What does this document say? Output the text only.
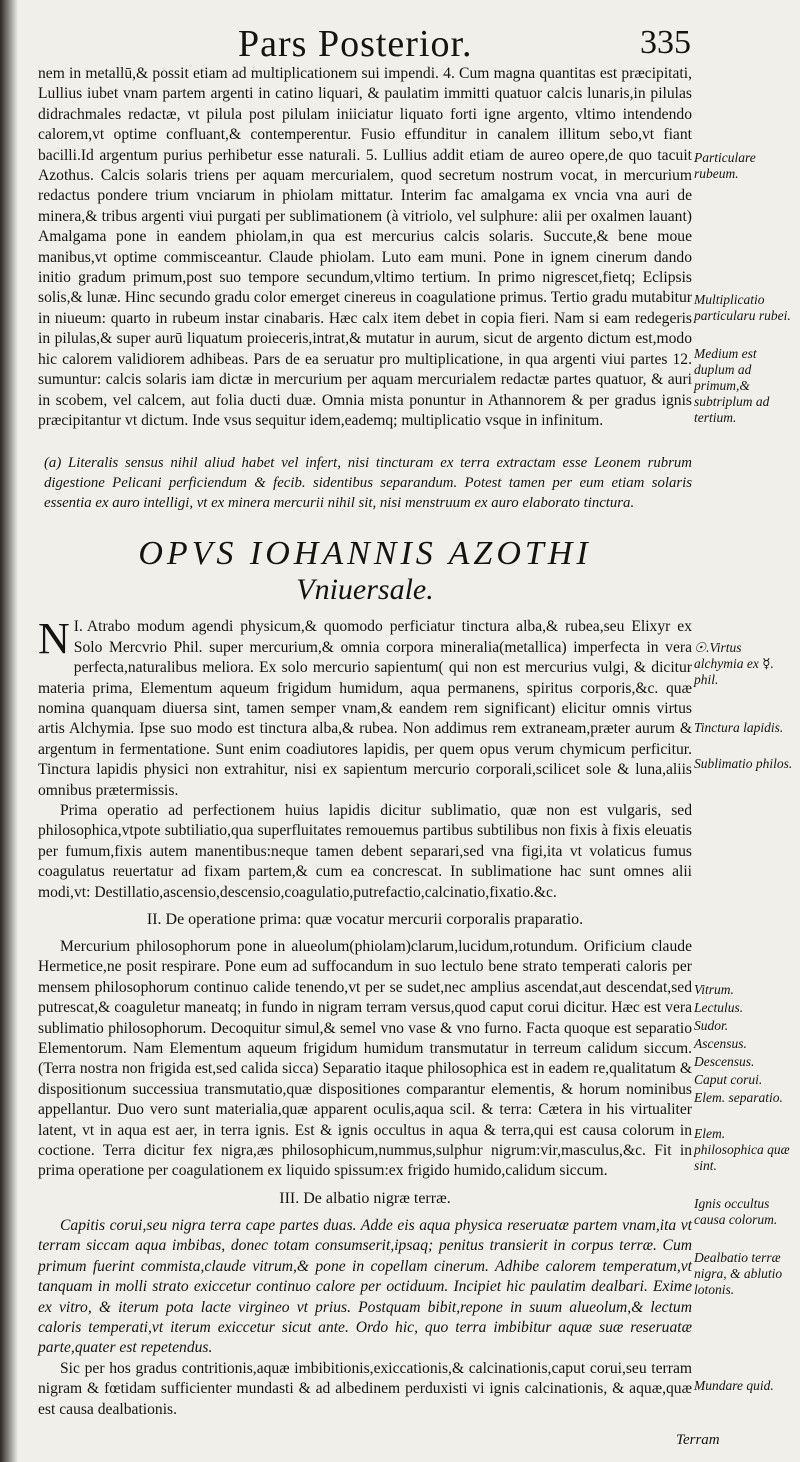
Pars Posterior.	335

nem in metallū,& possit etiam ad multiplicationem sui impendi. 4. Cum magna quantitas est præcipitati, Lullius iubet vnam partem argenti in catino liquari, & paulatim immitti quatuor calcis lunaris,in pilulas didrachmales redactæ, vt pilula post pilulam iniiciatur liquato forti igne argento, vltimo intendendo calorem,vt optime confluant,& contemperentur. Fusio effunditur in canalem illitum sebo,vt fiant bacilli.Id argentum purius perhibetur esse naturali. 5. Lullius addit etiam de aureo opere,de quo tacuit Azothus. Calcis solaris triens per aquam mercurialem, quod secretum nostrum vocat, in mercurium redactus pondere trium vnciarum in phiolam mittatur. Interim fac amalgama ex vncia vna auri de minera,& tribus argenti viui purgati per sublimationem (à vitriolo, vel sulphure: alii per oxalmen lauant) Amalgama pone in eandem phiolam,in qua est mercurius calcis solaris. Succute,& bene moue manibus,vt optime commisceantur. Claude phiolam. Luto eam muni. Pone in ignem cinerum dando initio gradum primum,post suo tempore secundum,vltimo tertium. In primo nigrescet,fietq; Eclipsis solis,& lunæ. Hinc secundo gradu color emerget cinereus in coagulatione primus. Tertio gradu mutabitur in niueum: quarto in rubeum instar cinabaris. Hæc calx item debet in copia fieri. Nam si eam redegeris in pilulas,& super aurū liquatum proieceris,intrat,& mutatur in aurum, sicut de argento dictum est,modo hic calorem validiorem adhibeas. Pars de ea seruatur pro multiplicatione, in qua argenti viui partes 12. sumuntur: calcis solaris iam dictæ in mercurium per aquam mercurialem redactæ partes quatuor, & auri in scobem, vel calcem, aut folia ducti duæ. Omnia mista ponuntur in Athannorem & per gradus ignis præcipitantur vt dictum. Inde vsus sequitur idem,eademq; multiplicatio vsque in infinitum.

(a) Literalis sensus nihil aliud habet vel infert, nisi tincturam ex terra extractam esse Leonem rubrum digestione Pelicani perficiendum & fecib. sidentibus separandum. Potest tamen per eum etiam solaris essentia ex auro intelligi, vt ex minera mercurii nihil sit, nisi menstruum ex auro elaborato tinctura.

OPVS IOHANNIS AZOTHI
Vniuersale.

I.
N Atrabo modum agendi physicum,& quomodo perficiatur tinctura alba,& rubea,seu Elixyr ex Solo Mercvrio Phil. super mercurium,& omnia corpora mineralia(metallica) imperfecta in vera perfecta,naturalibus meliora. Ex solo mercurio sapientum( qui non est mercurius vulgi, & dicitur materia prima, Elementum aqueum frigidum humidum, aqua permanens, spiritus corporis,&c. quæ nomina quanquam diuersa sint, tamen semper vnam,& eandem rem significant) elicitur omnis virtus artis Alchymia. Ipse suo modo est tinctura alba,& rubea. Non addimus rem extraneam,præter aurum & argentum in fermentatione. Sunt enim coadiutores lapidis, per quem opus verum chymicum perficitur. Tinctura lapidis physici non extrahitur, nisi ex sapientum mercurio corporali,scilicet sole & luna,aliis omnibus prætermissis.

Prima operatio ad perfectionem huius lapidis dicitur sublimatio, quæ non est vulgaris, sed philosophica,vtpote subtiliatio,qua superfluitates remouemus partibus subtilibus non fixis à fixis eleuatis per fumum,fixis autem manentibus:neque tamen debent separari,sed vna figi,ita vt volaticus fumus coagulatus reuertatur ad fixam partem,& cum ea concrescat. In sublimatione hac sunt omnes alii modi,vt: Destillatio,ascensio,descensio,coagulatio,putrefactio,calcinatio,fixatio.&c.

II. De operatione prima: quæ vocatur mercurii corporalis praparatio.

Mercurium philosophorum pone in alueolum(phiolam)clarum,lucidum,rotundum. Orificium claude Hermetice,ne posit respirare. Pone eum ad suffocandum in suo lectulo bene strato temperati caloris per mensem philosophorum continuo calide tenendo,vt per se sudet,nec amplius ascendat,aut descendat,sed putrescat,& coaguletur maneatq; in fundo in nigram terram versus,quod caput corui dicitur. Hæc est vera sublimatio philosophorum. Decoquitur simul,& semel vno vase & vno furno. Facta quoque est separatio Elementorum. Nam Elementum aqueum frigidum humidum transmutatur in terreum calidum siccum. (Terra nostra non frigida est,sed calida sicca) Separatio itaque philosophica est in eadem re,qualitatum & dispositionum successiua transmutatio,quæ dispositiones comparantur elementis, & horum nominibus appellantur. Duo vero sunt materialia,quæ apparent oculis,aqua scil. & terra: Cætera in his virtualiter latent, vt in aqua est aer, in terra ignis. Est & ignis occultus in aqua & terra,qui est causa colorum in coctione. Terra dicitur fex nigra,æs philosophicum,nummus,sulphur nigrum:vir,masculus,&c. Fit in prima operatione per coagulationem ex liquido spissum:ex frigido humido,calidum siccum.

III. De albatio nigræ terræ.

Capitis corui,seu nigra terra cape partes duas. Adde eis aqua physica reseruatæ partem vnam,ita vt terram siccam aqua imbibas, donec totam consumserit,ipsaq; penitus transierit in corpus terræ. Cum primum fuerint commista,claude vitrum,& pone in copellam cinerum. Adhibe calorem temperatum,vt tanquam in molli strato exiccetur continuo calore per octiduum. Incipiet hic paulatim dealbari. Exime ex vitro, & iterum pota lacte virgineo vt prius. Postquam bibit,repone in suum alueolum,& lectum caloris temperati,vt iterum exiccetur sicut ante. Ordo hic, quo terra imbibitur aquæ suæ reseruatæ parte,quater est repetendus.

Sic per hos gradus contritionis,aquæ imbibitionis,exiccationis,& calcinationis,caput corui,seu terram nigram & fœtidam sufficienter mundasti & ad albedinem perduxisti vi ignis calcinationis, & aquæ,quæ est causa dealbationis.

Particulare rubeum.
Multiplicatio particularu rubei.
Medium est duplum ad primum,& subtriplum ad tertium.
☉.Virtus alchymia ex ☿. phil.
Tinctura lapidis.
Sublimatio philos.
Vitrum.
Lectulus.
Sudor.
Ascensus.
Descensus.
Caput corui.
Elem. separatio.
Elem. philosophica quæ sint.
Ignis occultus causa colorum.
Dealbatio terræ nigra, & ablutio lotonis.
Mundare quid.
Terram
